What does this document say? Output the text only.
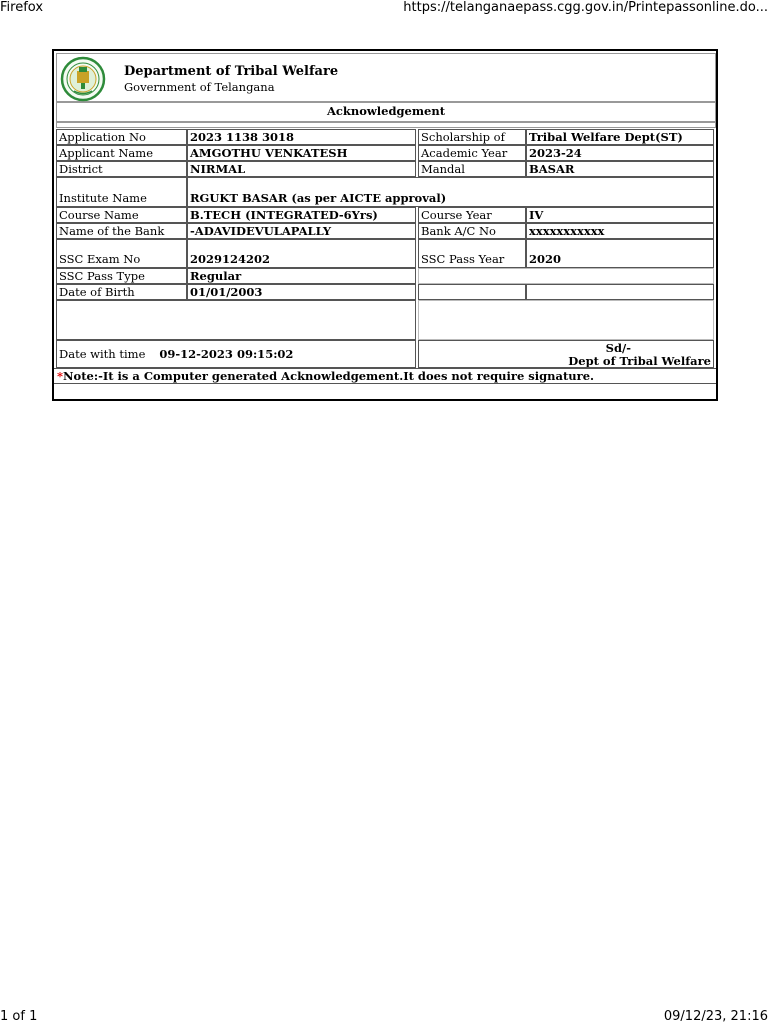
Firefox	https://telanganaepass.cgg.gov.in/Printepassonline.do...
Department of Tribal Welfare
Government of Telangana
Acknowledgement
Application No	2023 1138 3018	Scholarship of	Tribal Welfare Dept(ST)
Applicant Name	AMGOTHU VENKATESH	Academic Year	2023-24
District	NIRMAL	Mandal	BASAR
Institute Name	RGUKT BASAR (as per AICTE approval)
Course Name	B.TECH (INTEGRATED-6Yrs)	Course Year	IV
Name of the Bank	-ADAVIDEVULAPALLY	Bank A/C No	xxxxxxxxxxx
SSC Exam No	2029124202	SSC Pass Year 2020
SSC Pass Type	Regular
Date of Birth	01/01/2003
Date with time 09-12-2023 09:15:02	Sd/-
Dept of Tribal Welfare
*Note:-It is a Computer generated Acknowledgement.It does not require signature.
1 of 1	09/12/23, 21:16
